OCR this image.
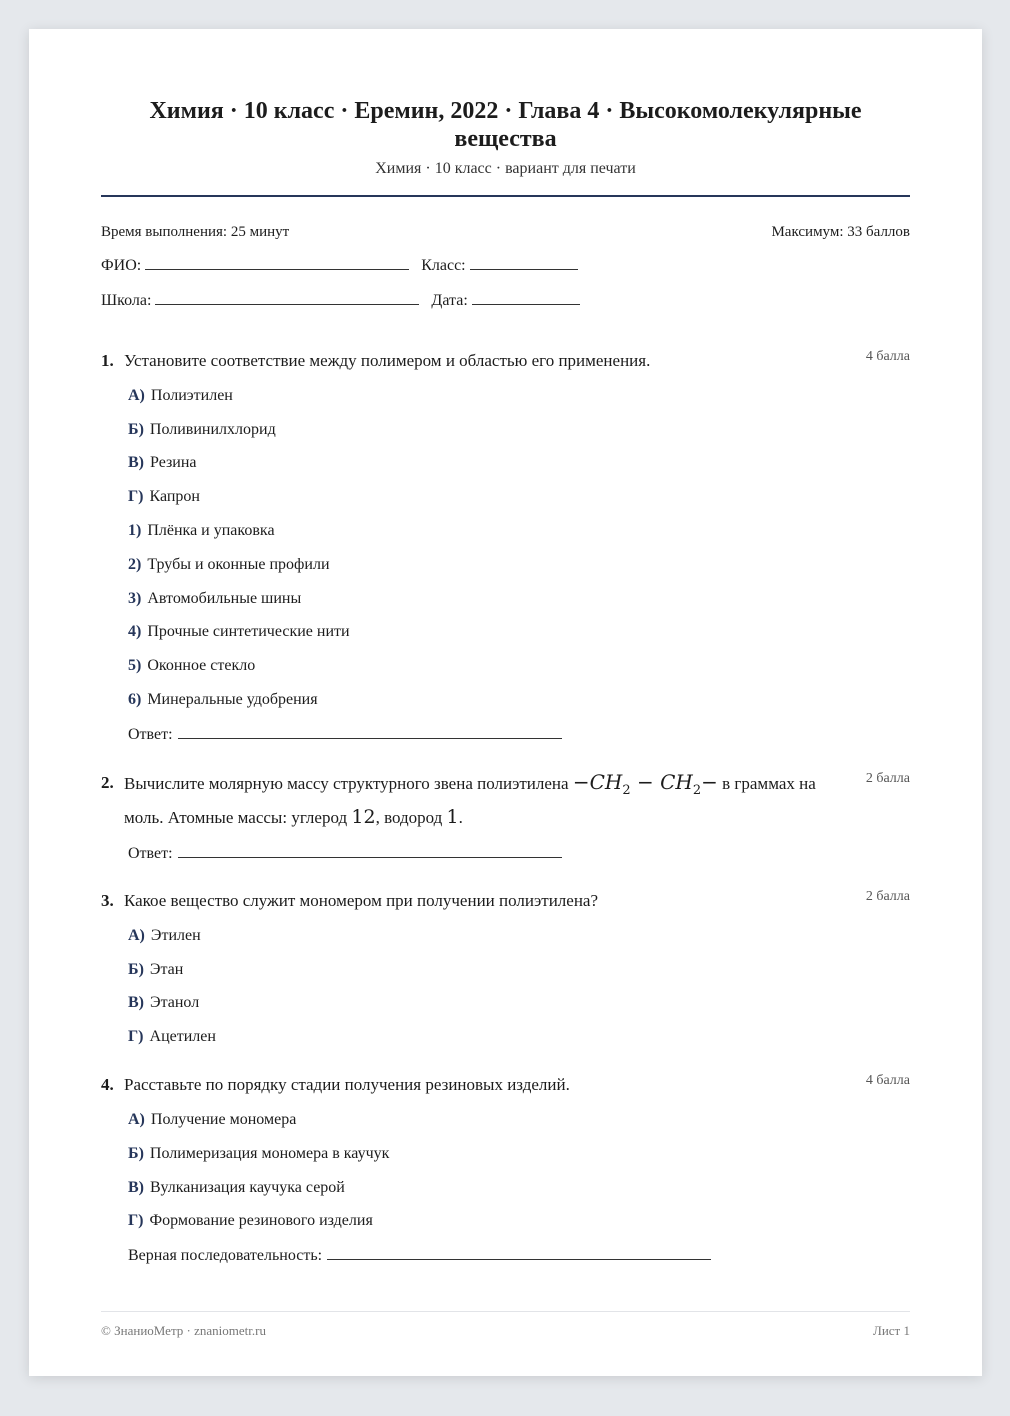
Химия · 10 класс · Еремин, 2022 · Глава 4 · Высокомолекулярные вещества
Химия · 10 класс · вариант для печати
Время выполнения: 25 минут	Максимум: 33 баллов
ФИО:	Класс:
Школа:	Дата:
1. Установите соответствие между полимером и областью его применения.	4 балла
А) Полиэтилен
Б) Поливинилхлорид
В) Резина
Г) Капрон
1) Плёнка и упаковка
2) Трубы и оконные профили
3) Автомобильные шины
4) Прочные синтетические нити
5) Оконное стекло
6) Минеральные удобрения
Ответ:
2. Вычислите молярную массу структурного звена полиэтилена $-CH_2 - CH_2- в$ граммах на моль. Атомные массы: углерод 12, водород 1.
2 балла
Ответ:
3. Какое вещество служит мономером при получении полиэтилена?	2 балла
А) Этилен
Б) Этан
В) Этанол
Г) Ацетилен
4. Расставьте по порядку стадии получения резиновых изделий.	4 балла
А) Получение мономера
Б) Полимеризация мономера в каучук
В) Вулканизация каучука серой
Г) Формование резинового изделия
Верная последовательность:
© ЗнаниоМетр · znaniometr.ru	Лист 1
